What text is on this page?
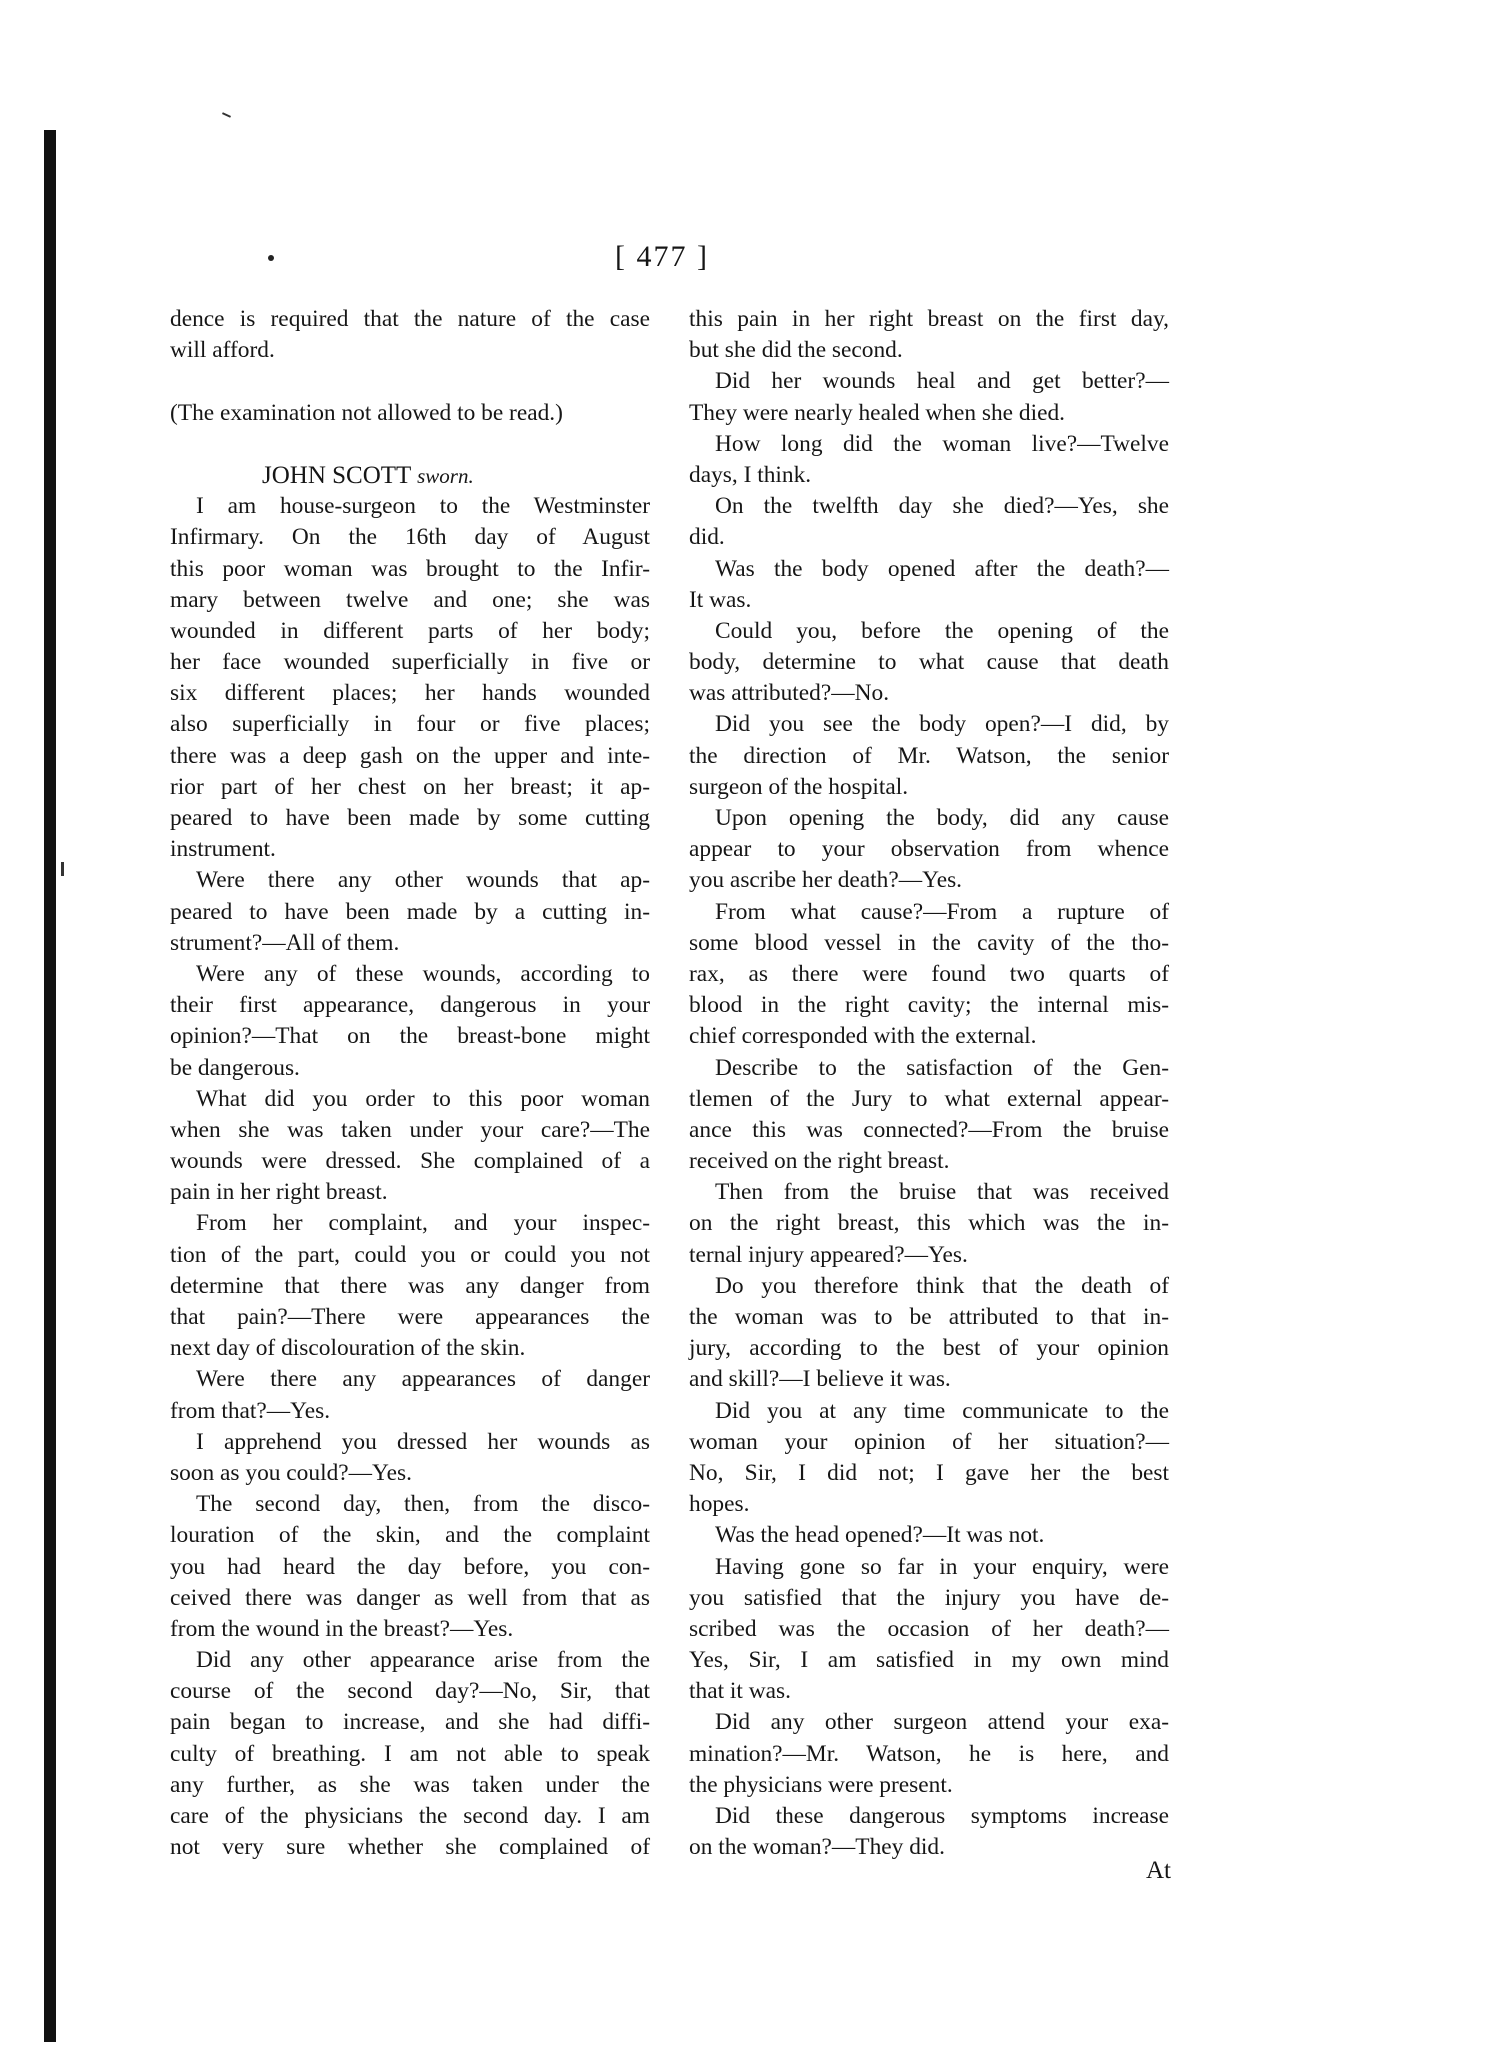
[ 477 ]
dence is required that the nature of the case
will afford.
(The examination not allowed to be read.)
JOHN SCOTT sworn.
I am house-surgeon to the Westminster
Infirmary. On the 16th day of August
this poor woman was brought to the Infir-
mary between twelve and one; she was
wounded in different parts of her body;
her face wounded superficially in five or
six different places; her hands wounded
also superficially in four or five places;
there was a deep gash on the upper and inte-
rior part of her chest on her breast; it ap-
peared to have been made by some cutting
instrument.
Were there any other wounds that ap-
peared to have been made by a cutting in-
strument?—All of them.
Were any of these wounds, according to
their first appearance, dangerous in your
opinion?—That on the breast-bone might
be dangerous.
What did you order to this poor woman
when she was taken under your care?—The
wounds were dressed. She complained of a
pain in her right breast.
From her complaint, and your inspec-
tion of the part, could you or could you not
determine that there was any danger from
that pain?—There were appearances the
next day of discolouration of the skin.
Were there any appearances of danger
from that?—Yes.
I apprehend you dressed her wounds as
soon as you could?—Yes.
The second day, then, from the disco-
louration of the skin, and the complaint
you had heard the day before, you con-
ceived there was danger as well from that as
from the wound in the breast?—Yes.
Did any other appearance arise from the
course of the second day?—No, Sir, that
pain began to increase, and she had diffi-
culty of breathing. I am not able to speak
any further, as she was taken under the
care of the physicians the second day. I am
not very sure whether she complained of
this pain in her right breast on the first day,
but she did the second.
Did her wounds heal and get better?—
They were nearly healed when she died.
How long did the woman live?—Twelve
days, I think.
On the twelfth day she died?—Yes, she
did.
Was the body opened after the death?—
It was.
Could you, before the opening of the
body, determine to what cause that death
was attributed?—No.
Did you see the body open?—I did, by
the direction of Mr. Watson, the senior
surgeon of the hospital.
Upon opening the body, did any cause
appear to your observation from whence
you ascribe her death?—Yes.
From what cause?—From a rupture of
some blood vessel in the cavity of the tho-
rax, as there were found two quarts of
blood in the right cavity; the internal mis-
chief corresponded with the external.
Describe to the satisfaction of the Gen-
tlemen of the Jury to what external appear-
ance this was connected?—From the bruise
received on the right breast.
Then from the bruise that was received
on the right breast, this which was the in-
ternal injury appeared?—Yes.
Do you therefore think that the death of
the woman was to be attributed to that in-
jury, according to the best of your opinion
and skill?—I believe it was.
Did you at any time communicate to the
woman your opinion of her situation?—
No, Sir, I did not; I gave her the best
hopes.
Was the head opened?—It was not.
Having gone so far in your enquiry, were
you satisfied that the injury you have de-
scribed was the occasion of her death?—
Yes, Sir, I am satisfied in my own mind
that it was.
Did any other surgeon attend your exa-
mination?—Mr. Watson, he is here, and
the physicians were present.
Did these dangerous symptoms increase
on the woman?—They did.
At
